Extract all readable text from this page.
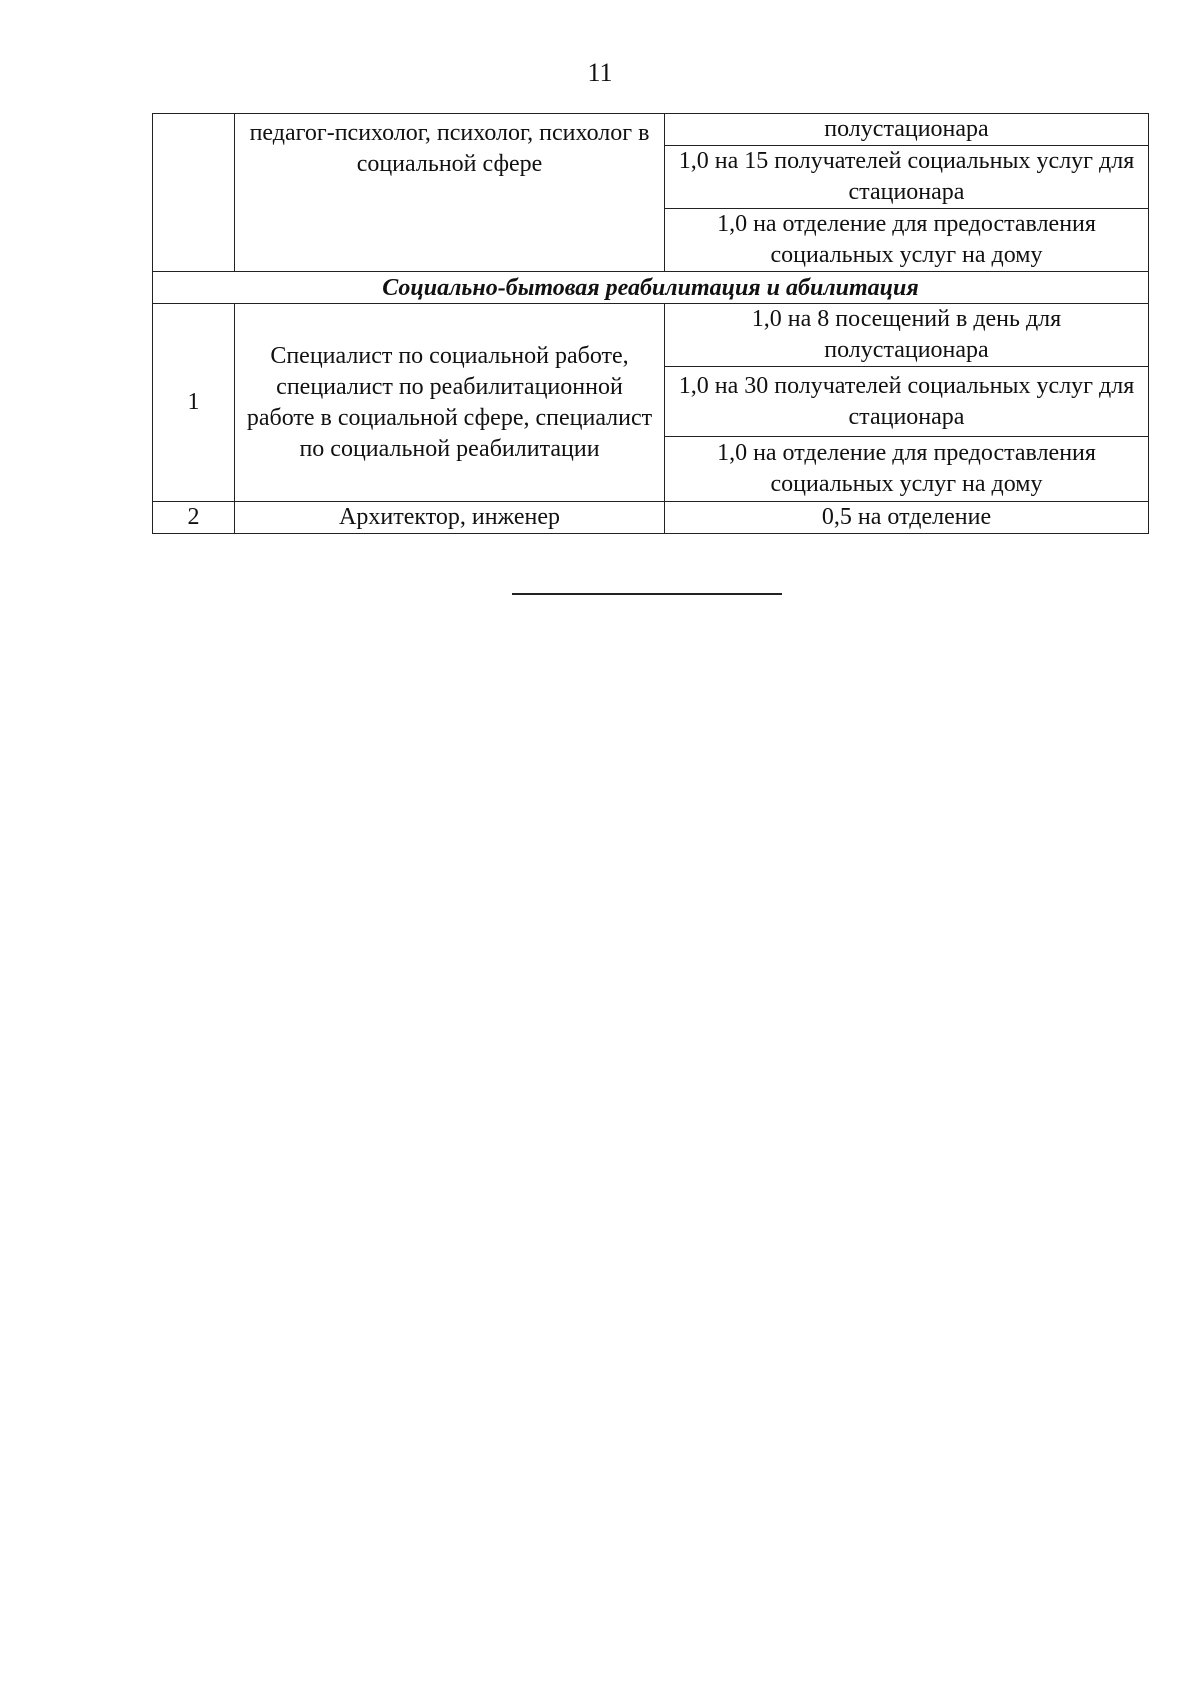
11
	педагог-психолог, психолог, психолог в социальной сфере	полустационара
		1,0 на 15 получателей социальных услуг для стационара
		1,0 на отделение для предоставления социальных услуг на дому
Социально-бытовая реабилитация и абилитация		
1	Специалист по социальной работе, специалист по реабилитационной работе в социальной сфере, специалист по социальной реабилитации	1,0 на 8 посещений в день для полустационара
		1,0 на 30 получателей социальных услуг для стационара
		1,0 на отделение для предоставления социальных услуг на дому
2	Архитектор, инженер	0,5 на отделение
